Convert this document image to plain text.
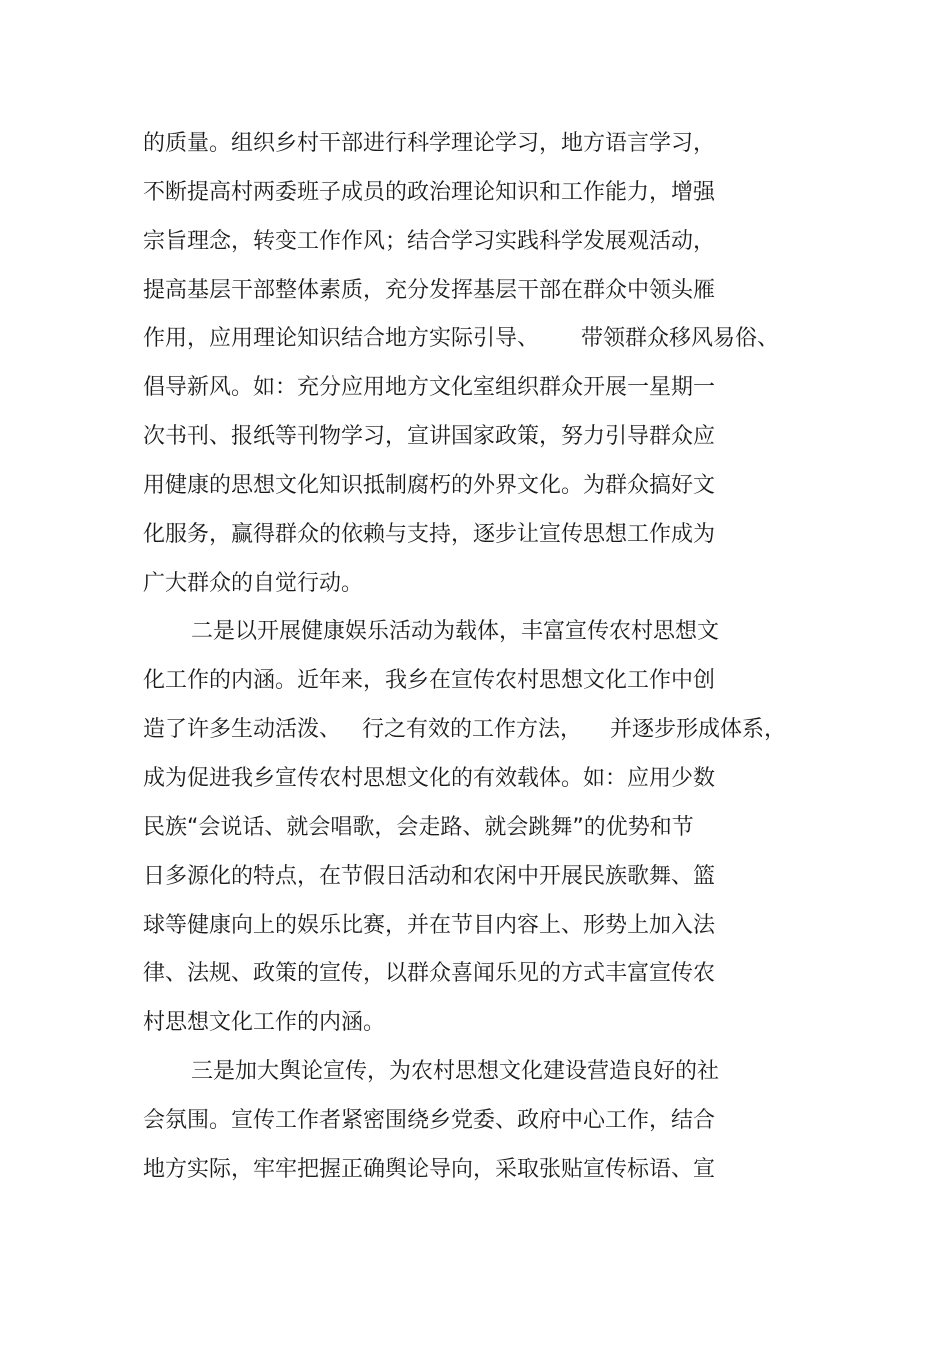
的质量。组织乡村干部进行科学理论学习，地方语言学习，
不断提高村两委班子成员的政治理论知识和工作能力，增强
宗旨理念，转变工作作风；结合学习实践科学发展观活动，
提高基层干部整体素质，充分发挥基层干部在群众中领头雁
作用，应用理论知识结合地方实际引导、      带领群众移风易俗、
倡导新风。如：充分应用地方文化室组织群众开展一星期一
次书刊、报纸等刊物学习，宣讲国家政策，努力引导群众应
用健康的思想文化知识抵制腐朽的外界文化。为群众搞好文
化服务，赢得群众的依赖与支持，逐步让宣传思想工作成为
广大群众的自觉行动。
二是以开展健康娱乐活动为载体，丰富宣传农村思想文
化工作的内涵。近年来，我乡在宣传农村思想文化工作中创
造了许多生动活泼、   行之有效的工作方法，    并逐步形成体系，
成为促进我乡宣传农村思想文化的有效载体。如：应用少数
民族“会说话、就会唱歌，会走路、就会跳舞”的优势和节
日多源化的特点，在节假日活动和农闲中开展民族歌舞、篮
球等健康向上的娱乐比赛，并在节目内容上、形势上加入法
律、法规、政策的宣传，以群众喜闻乐见的方式丰富宣传农
村思想文化工作的内涵。
三是加大舆论宣传，为农村思想文化建设营造良好的社
会氛围。宣传工作者紧密围绕乡党委、政府中心工作，结合
地方实际，牢牢把握正确舆论导向，采取张贴宣传标语、宣
